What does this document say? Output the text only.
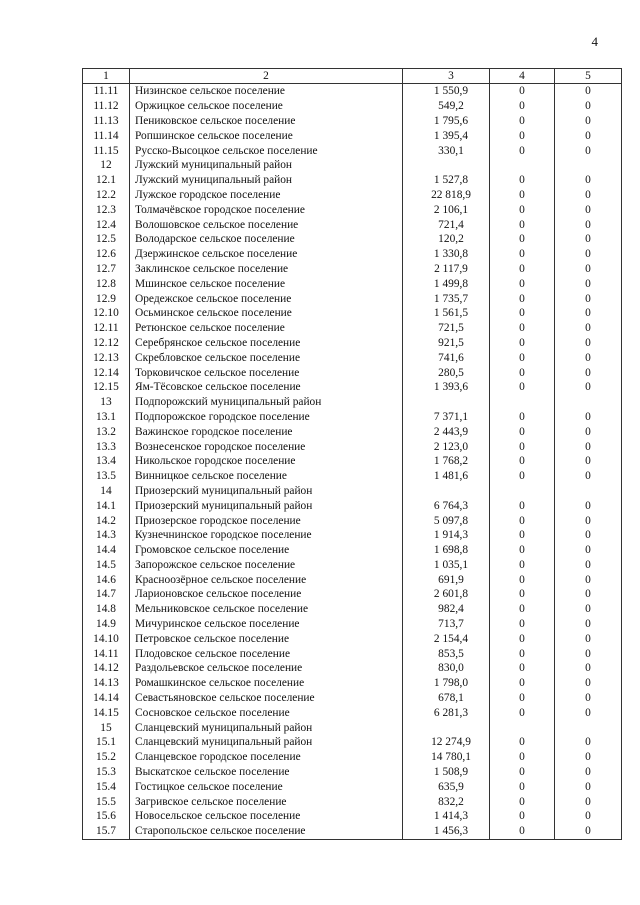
4
1	2	3	4	5
11.11	Низинское сельское поселение	1 550,9	0	0
11.12	Оржицкое сельское поселение	549,2	0	0
11.13	Пениковское сельское поселение	1 795,6	0	0
11.14	Ропшинское сельское поселение	1 395,4	0	0
11.15	Русско-Высоцкое сельское поселение	330,1	0	0
12	Лужский муниципальный район			
12.1	Лужский муниципальный район	1 527,8	0	0
12.2	Лужское городское поселение	22 818,9	0	0
12.3	Толмачёвское городское поселение	2 106,1	0	0
12.4	Волошовское сельское поселение	721,4	0	0
12.5	Володарское сельское поселение	120,2	0	0
12.6	Дзержинское сельское поселение	1 330,8	0	0
12.7	Заклинское сельское поселение	2 117,9	0	0
12.8	Мшинское сельское поселение	1 499,8	0	0
12.9	Оредежское сельское поселение	1 735,7	0	0
12.10	Осьминское сельское поселение	1 561,5	0	0
12.11	Ретюнское сельское поселение	721,5	0	0
12.12	Серебрянское сельское поселение	921,5	0	0
12.13	Скребловское сельское поселение	741,6	0	0
12.14	Торковичское сельское поселение	280,5	0	0
12.15	Ям-Тёсовское сельское поселение	1 393,6	0	0
13	Подпорожский муниципальный район			
13.1	Подпорожское городское поселение	7 371,1	0	0
13.2	Важинское городское поселение	2 443,9	0	0
13.3	Вознесенское городское поселение	2 123,0	0	0
13.4	Никольское городское поселение	1 768,2	0	0
13.5	Винницкое сельское поселение	1 481,6	0	0
14	Приозерский муниципальный район			
14.1	Приозерский муниципальный район	6 764,3	0	0
14.2	Приозерское городское поселение	5 097,8	0	0
14.3	Кузнечнинское городское поселение	1 914,3	0	0
14.4	Громовское сельское поселение	1 698,8	0	0
14.5	Запорожское сельское поселение	1 035,1	0	0
14.6	Красноозёрное сельское поселение	691,9	0	0
14.7	Ларионовское сельское поселение	2 601,8	0	0
14.8	Мельниковское сельское поселение	982,4	0	0
14.9	Мичуринское сельское поселение	713,7	0	0
14.10	Петровское сельское поселение	2 154,4	0	0
14.11	Плодовское сельское поселение	853,5	0	0
14.12	Раздольевское сельское поселение	830,0	0	0
14.13	Ромашкинское сельское поселение	1 798,0	0	0
14.14	Севастьяновское сельское поселение	678,1	0	0
14.15	Сосновское сельское поселение	6 281,3	0	0
15	Сланцевский муниципальный район			
15.1	Сланцевский муниципальный район	12 274,9	0	0
15.2	Сланцевское городское поселение	14 780,1	0	0
15.3	Выскатское сельское поселение	1 508,9	0	0
15.4	Гостицкое сельское поселение	635,9	0	0
15.5	Загривское сельское поселение	832,2	0	0
15.6	Новосельское сельское поселение	1 414,3	0	0
15.7	Старопольское сельское поселение	1 456,3	0	0
